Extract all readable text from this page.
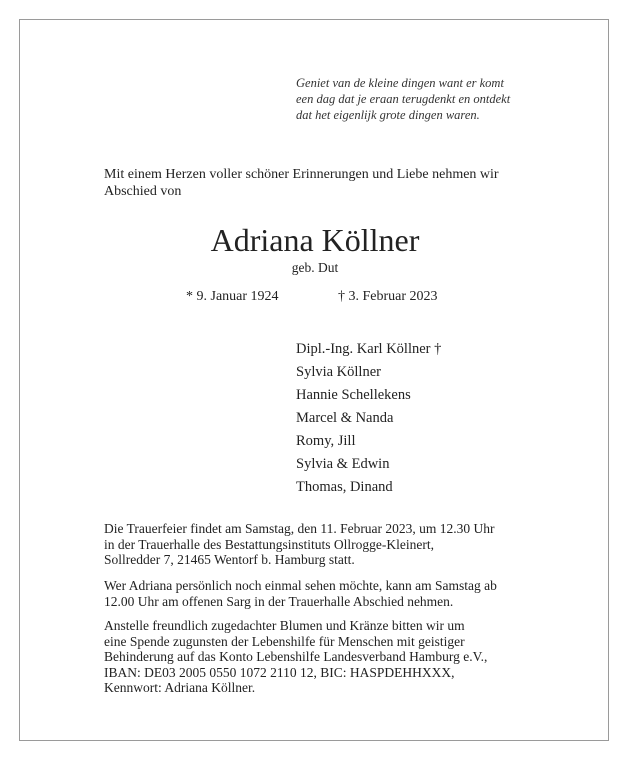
Geniet van de kleine dingen want er komt
een dag dat je eraan terugdenkt en ontdekt
dat het eigenlijk grote dingen waren.
Mit einem Herzen voller schöner Erinnerungen und Liebe nehmen wir
Abschied von
Adriana Köllner
geb. Dut
* 9. Januar 1924	† 3. Februar 2023
Dipl.-Ing. Karl Köllner †
Sylvia Köllner
Hannie Schellekens
Marcel & Nanda
Romy, Jill
Sylvia & Edwin
Thomas, Dinand
Die Trauerfeier findet am Samstag, den 11. Februar 2023, um 12.30 Uhr
in der Trauerhalle des Bestattungsinstituts Ollrogge-Kleinert,
Sollredder 7, 21465 Wentorf b. Hamburg statt.
Wer Adriana persönlich noch einmal sehen möchte, kann am Samstag ab
12.00 Uhr am offenen Sarg in der Trauerhalle Abschied nehmen.
Anstelle freundlich zugedachter Blumen und Kränze bitten wir um
eine Spende zugunsten der Lebenshilfe für Menschen mit geistiger
Behinderung auf das Konto Lebenshilfe Landesverband Hamburg e.V.,
IBAN: DE03 2005 0550 1072 2110 12, BIC: HASPDEHHXXX,
Kennwort: Adriana Köllner.
